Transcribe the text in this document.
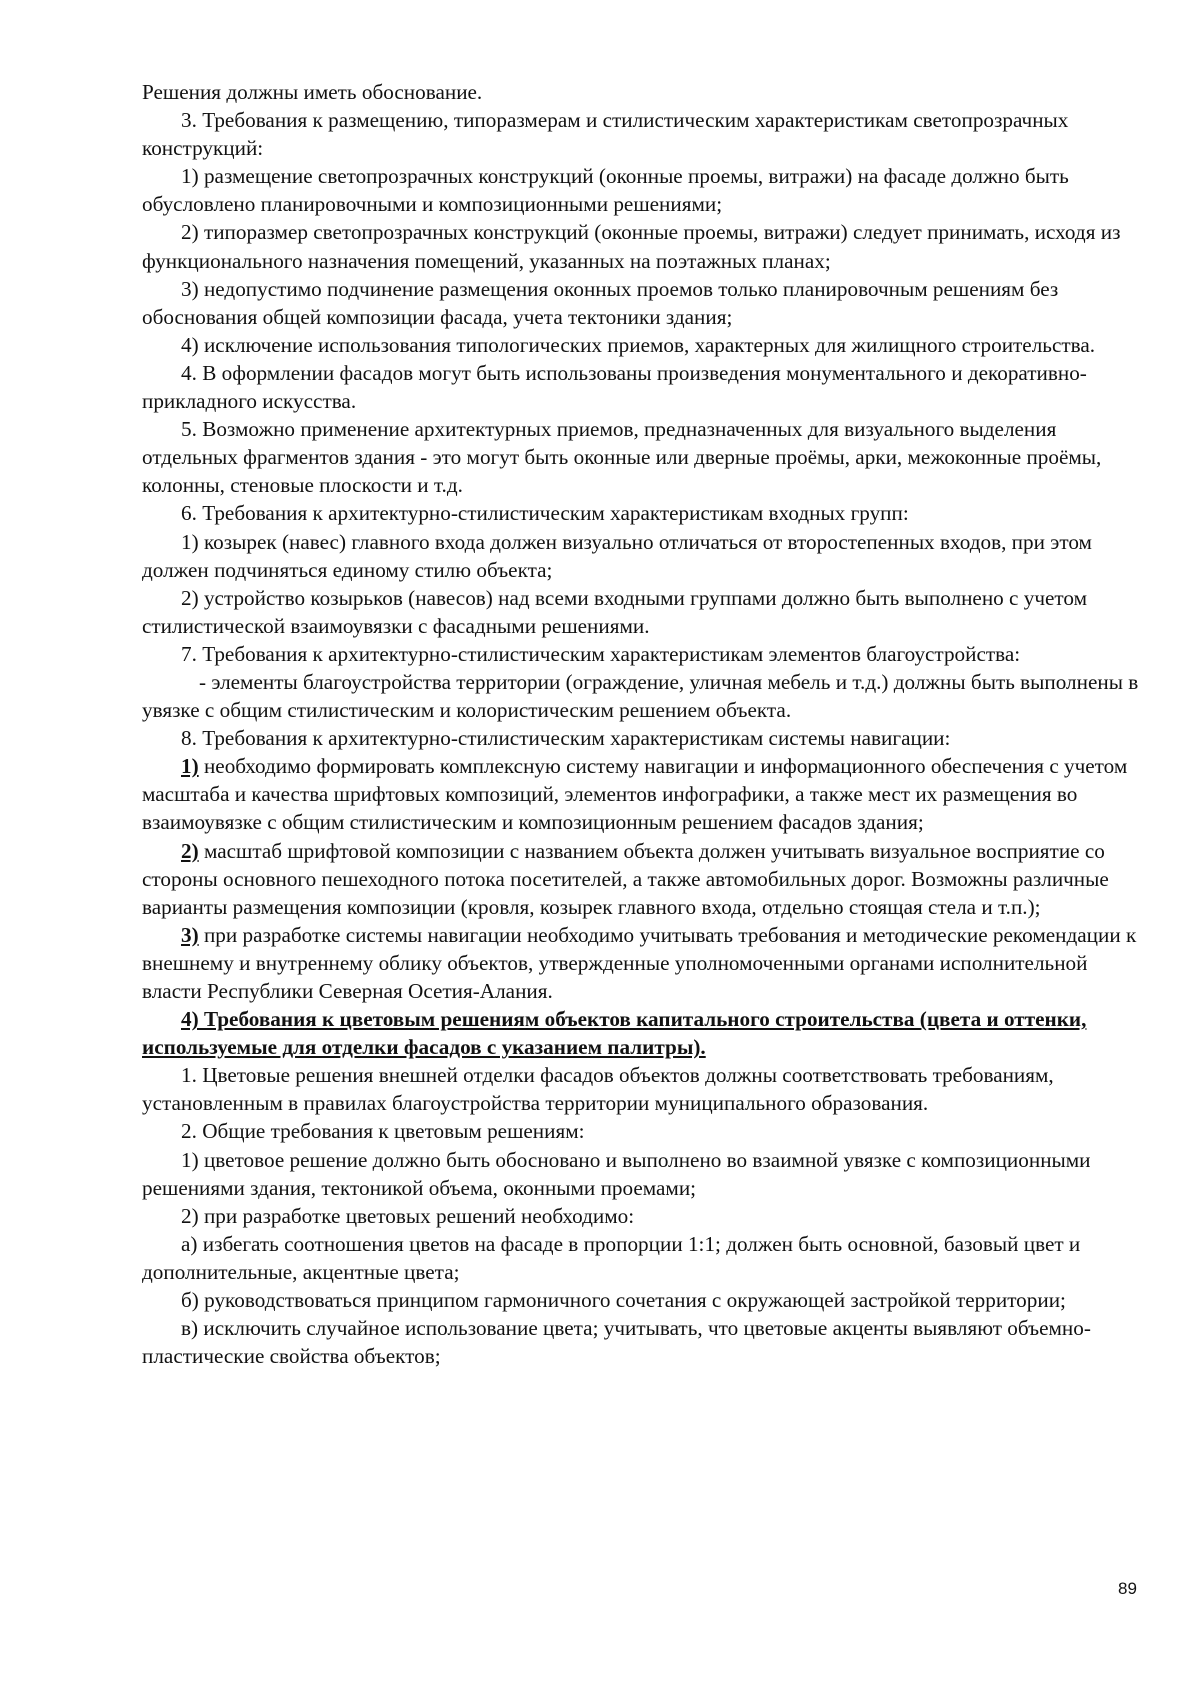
Решения должны иметь обоснование.

3. Требования к размещению, типоразмерам и стилистическим характеристикам светопрозрачных конструкций:

1) размещение светопрозрачных конструкций (оконные проемы, витражи) на фасаде должно быть обусловлено планировочными и композиционными решениями;

2) типоразмер светопрозрачных конструкций (оконные проемы, витражи) следует принимать, исходя из функционального назначения помещений, указанных на поэтажных планах;

3) недопустимо подчинение размещения оконных проемов только планировочным решениям без обоснования общей композиции фасада, учета тектоники здания;

4) исключение использования типологических приемов, характерных для жилищного строительства.

4. В оформлении фасадов могут быть использованы произведения монументального и декоративно-прикладного искусства.

5. Возможно применение архитектурных приемов, предназначенных для визуального выделения отдельных фрагментов здания - это могут быть оконные или дверные проёмы, арки, межоконные проёмы, колонны, стеновые плоскости и т.д.

6. Требования к архитектурно-стилистическим характеристикам входных групп:

1) козырек (навес) главного входа должен визуально отличаться от второстепенных входов, при этом должен подчиняться единому стилю объекта;

2) устройство козырьков (навесов) над всеми входными группами должно быть выполнено с учетом стилистической взаимоувязки с фасадными решениями.

7. Требования к архитектурно-стилистическим характеристикам элементов благоустройства:

- элементы благоустройства территории (ограждение, уличная мебель и т.д.) должны быть выполнены в увязке с общим стилистическим и колористическим решением объекта.

8. Требования к архитектурно-стилистическим характеристикам системы навигации:

1) необходимо формировать комплексную систему навигации и информационного обеспечения с учетом масштаба и качества шрифтовых композиций, элементов инфографики, а также мест их размещения во взаимоувязке с общим стилистическим и композиционным решением фасадов здания;

2) масштаб шрифтовой композиции с названием объекта должен учитывать визуальное восприятие со стороны основного пешеходного потока посетителей, а также автомобильных дорог. Возможны различные варианты размещения композиции (кровля, козырек главного входа, отдельно стоящая стела и т.п.);

3) при разработке системы навигации необходимо учитывать требования и методические рекомендации к внешнему и внутреннему облику объектов, утвержденные уполномоченными органами исполнительной власти Республики Северная Осетия-Алания.

4) Требования к цветовым решениям объектов капитального строительства (цвета и оттенки, используемые для отделки фасадов с указанием палитры).

1. Цветовые решения внешней отделки фасадов объектов должны соответствовать требованиям, установленным в правилах благоустройства территории муниципального образования.

2. Общие требования к цветовым решениям:

1) цветовое решение должно быть обосновано и выполнено во взаимной увязке с композиционными решениями здания, тектоникой объема, оконными проемами;

2) при разработке цветовых решений необходимо:

а) избегать соотношения цветов на фасаде в пропорции 1:1; должен быть основной, базовый цвет и дополнительные, акцентные цвета;

б) руководствоваться принципом гармоничного сочетания с окружающей застройкой территории;

в) исключить случайное использование цвета; учитывать, что цветовые акценты выявляют объемно-пластические свойства объектов;

89
